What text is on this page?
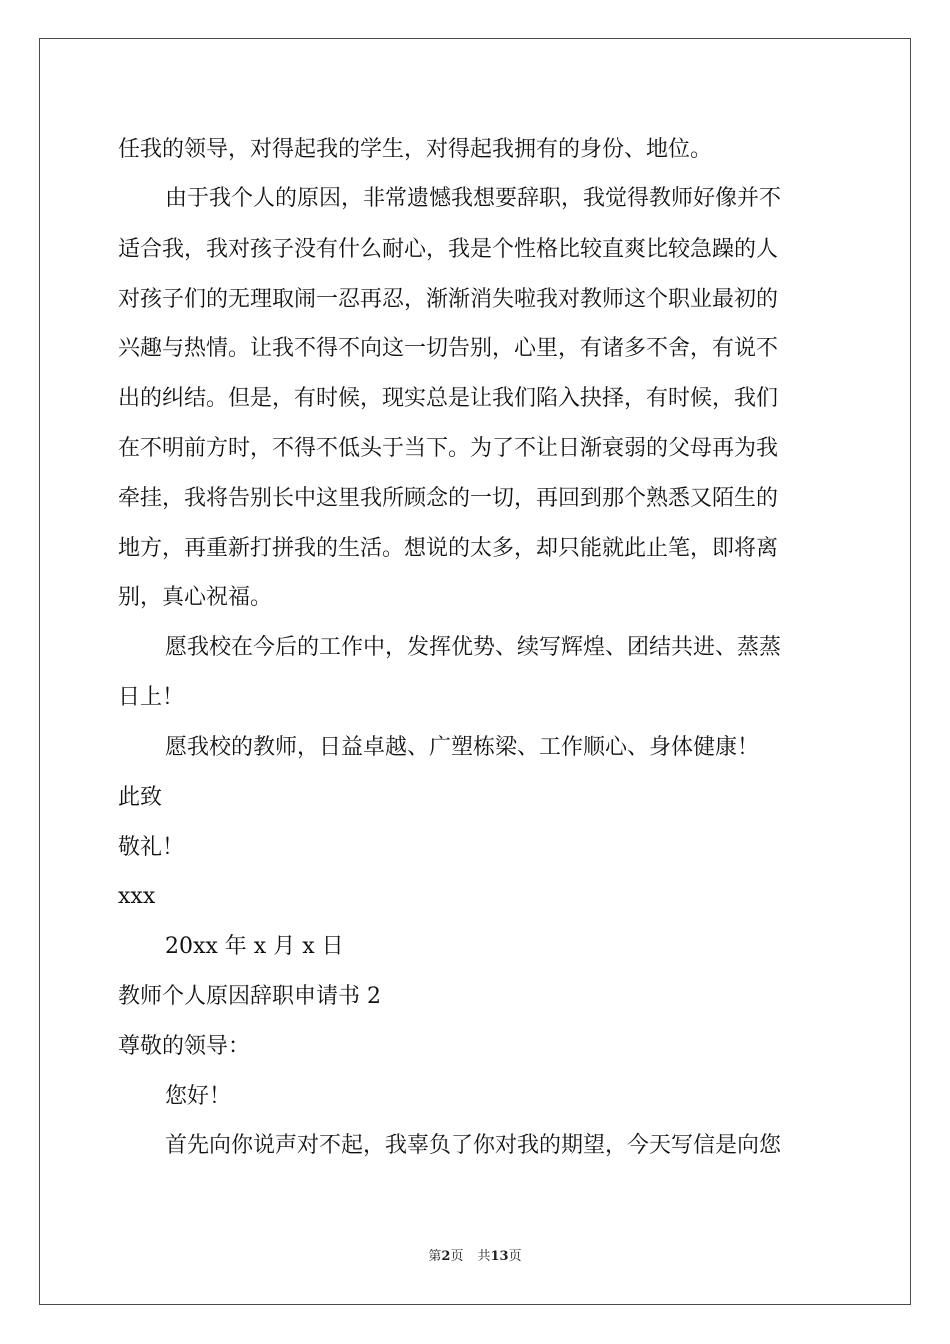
任我的领导，对得起我的学生，对得起我拥有的身份、地位。
由于我个人的原因，非常遗憾我想要辞职，我觉得教师好像并不
适合我，我对孩子没有什么耐心，我是个性格比较直爽比较急躁的人
对孩子们的无理取闹一忍再忍，渐渐消失啦我对教师这个职业最初的
兴趣与热情。让我不得不向这一切告别，心里，有诸多不舍，有说不
出的纠结。但是，有时候，现实总是让我们陷入抉择，有时候，我们
在不明前方时，不得不低头于当下。为了不让日渐衰弱的父母再为我
牵挂，我将告别长中这里我所顾念的一切，再回到那个熟悉又陌生的
地方，再重新打拼我的生活。想说的太多，却只能就此止笔，即将离
别，真心祝福。
愿我校在今后的工作中，发挥优势、续写辉煌、团结共进、蒸蒸
日上！
愿我校的教师，日益卓越、广塑栋梁、工作顺心、身体健康！
此致
敬礼！
xxx
20xx 年 x 月 x 日
教师个人原因辞职申请书 2
尊敬的领导：
您好！
首先向你说声对不起，我辜负了你对我的期望，今天写信是向您
第2页 共13页
